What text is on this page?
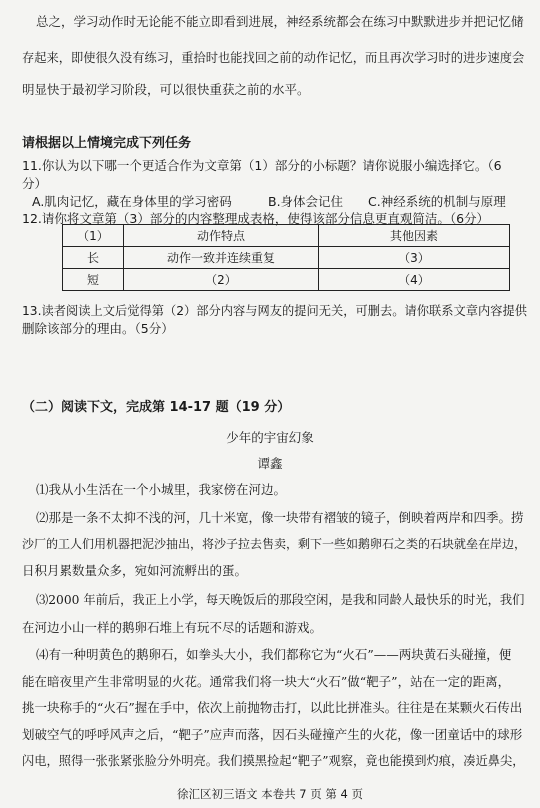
总之，学习动作时无论能不能立即看到进展，神经系统都会在练习中默默进步并把记忆储
存起来，即使很久没有练习，重拾时也能找回之前的动作记忆，而且再次学习时的进步速度会
明显快于最初学习阶段，可以很快重获之前的水平。
请根据以上情境完成下列任务
11.你认为以下哪一个更适合作为文章第（1）部分的小标题？请你说服小编选择它。（6
分）
A.肌肉记忆，藏在身体里的学习密码	B.身体会记住 C.神经系统的机制与原理
12.请你将文章第（3）部分的内容整理成表格，使得该部分信息更直观简洁。（6分）
（1）	动作特点	其他因素
长	动作一致并连续重复	（3）
短	（2）	（4）
13.读者阅读上文后觉得第（2）部分内容与网友的提问无关，可删去。请你联系文章内容提供
删除该部分的理由。（5分）
（二）阅读下文，完成第 14-17 题（19 分）
少年的宇宙幻象
谭鑫
⑴我从小生活在一个小城里，我家傍在河边。
⑵那是一条不太抑不浅的河，几十米宽，像一块带有褶皱的镜子，倒映着两岸和四季。捞
沙厂的工人们用机器把泥沙抽出，将沙子拉去售卖，剩下一些如鹅卵石之类的石块就垒在岸边，
日积月累数量众多，宛如河流孵出的蛋。
⑶2000 年前后，我正上小学，每天晚饭后的那段空闲，是我和同龄人最快乐的时光，我们
在河边小山一样的鹅卵石堆上有玩不尽的话题和游戏。
⑷有一种明黄色的鹅卵石，如拳头大小，我们都称它为“火石”——两块黄石头碰撞，便
能在暗夜里产生非常明显的火花。通常我们将一块大“火石”做“靶子”，站在一定的距离，
挑一块称手的“火石”握在手中，依次上前抛物击打，以此比拼准头。往往是在某颗火石传出
划破空气的呼呼风声之后，“靶子”应声而落，因石头碰撞产生的火花，像一团童话中的球形
闪电，照得一张张紧张脸分外明亮。我们摸黑捡起“靶子”观察，竟也能摸到灼痕，凑近鼻尖，
徐汇区初三语文 本卷共 7 页 第 4 页
